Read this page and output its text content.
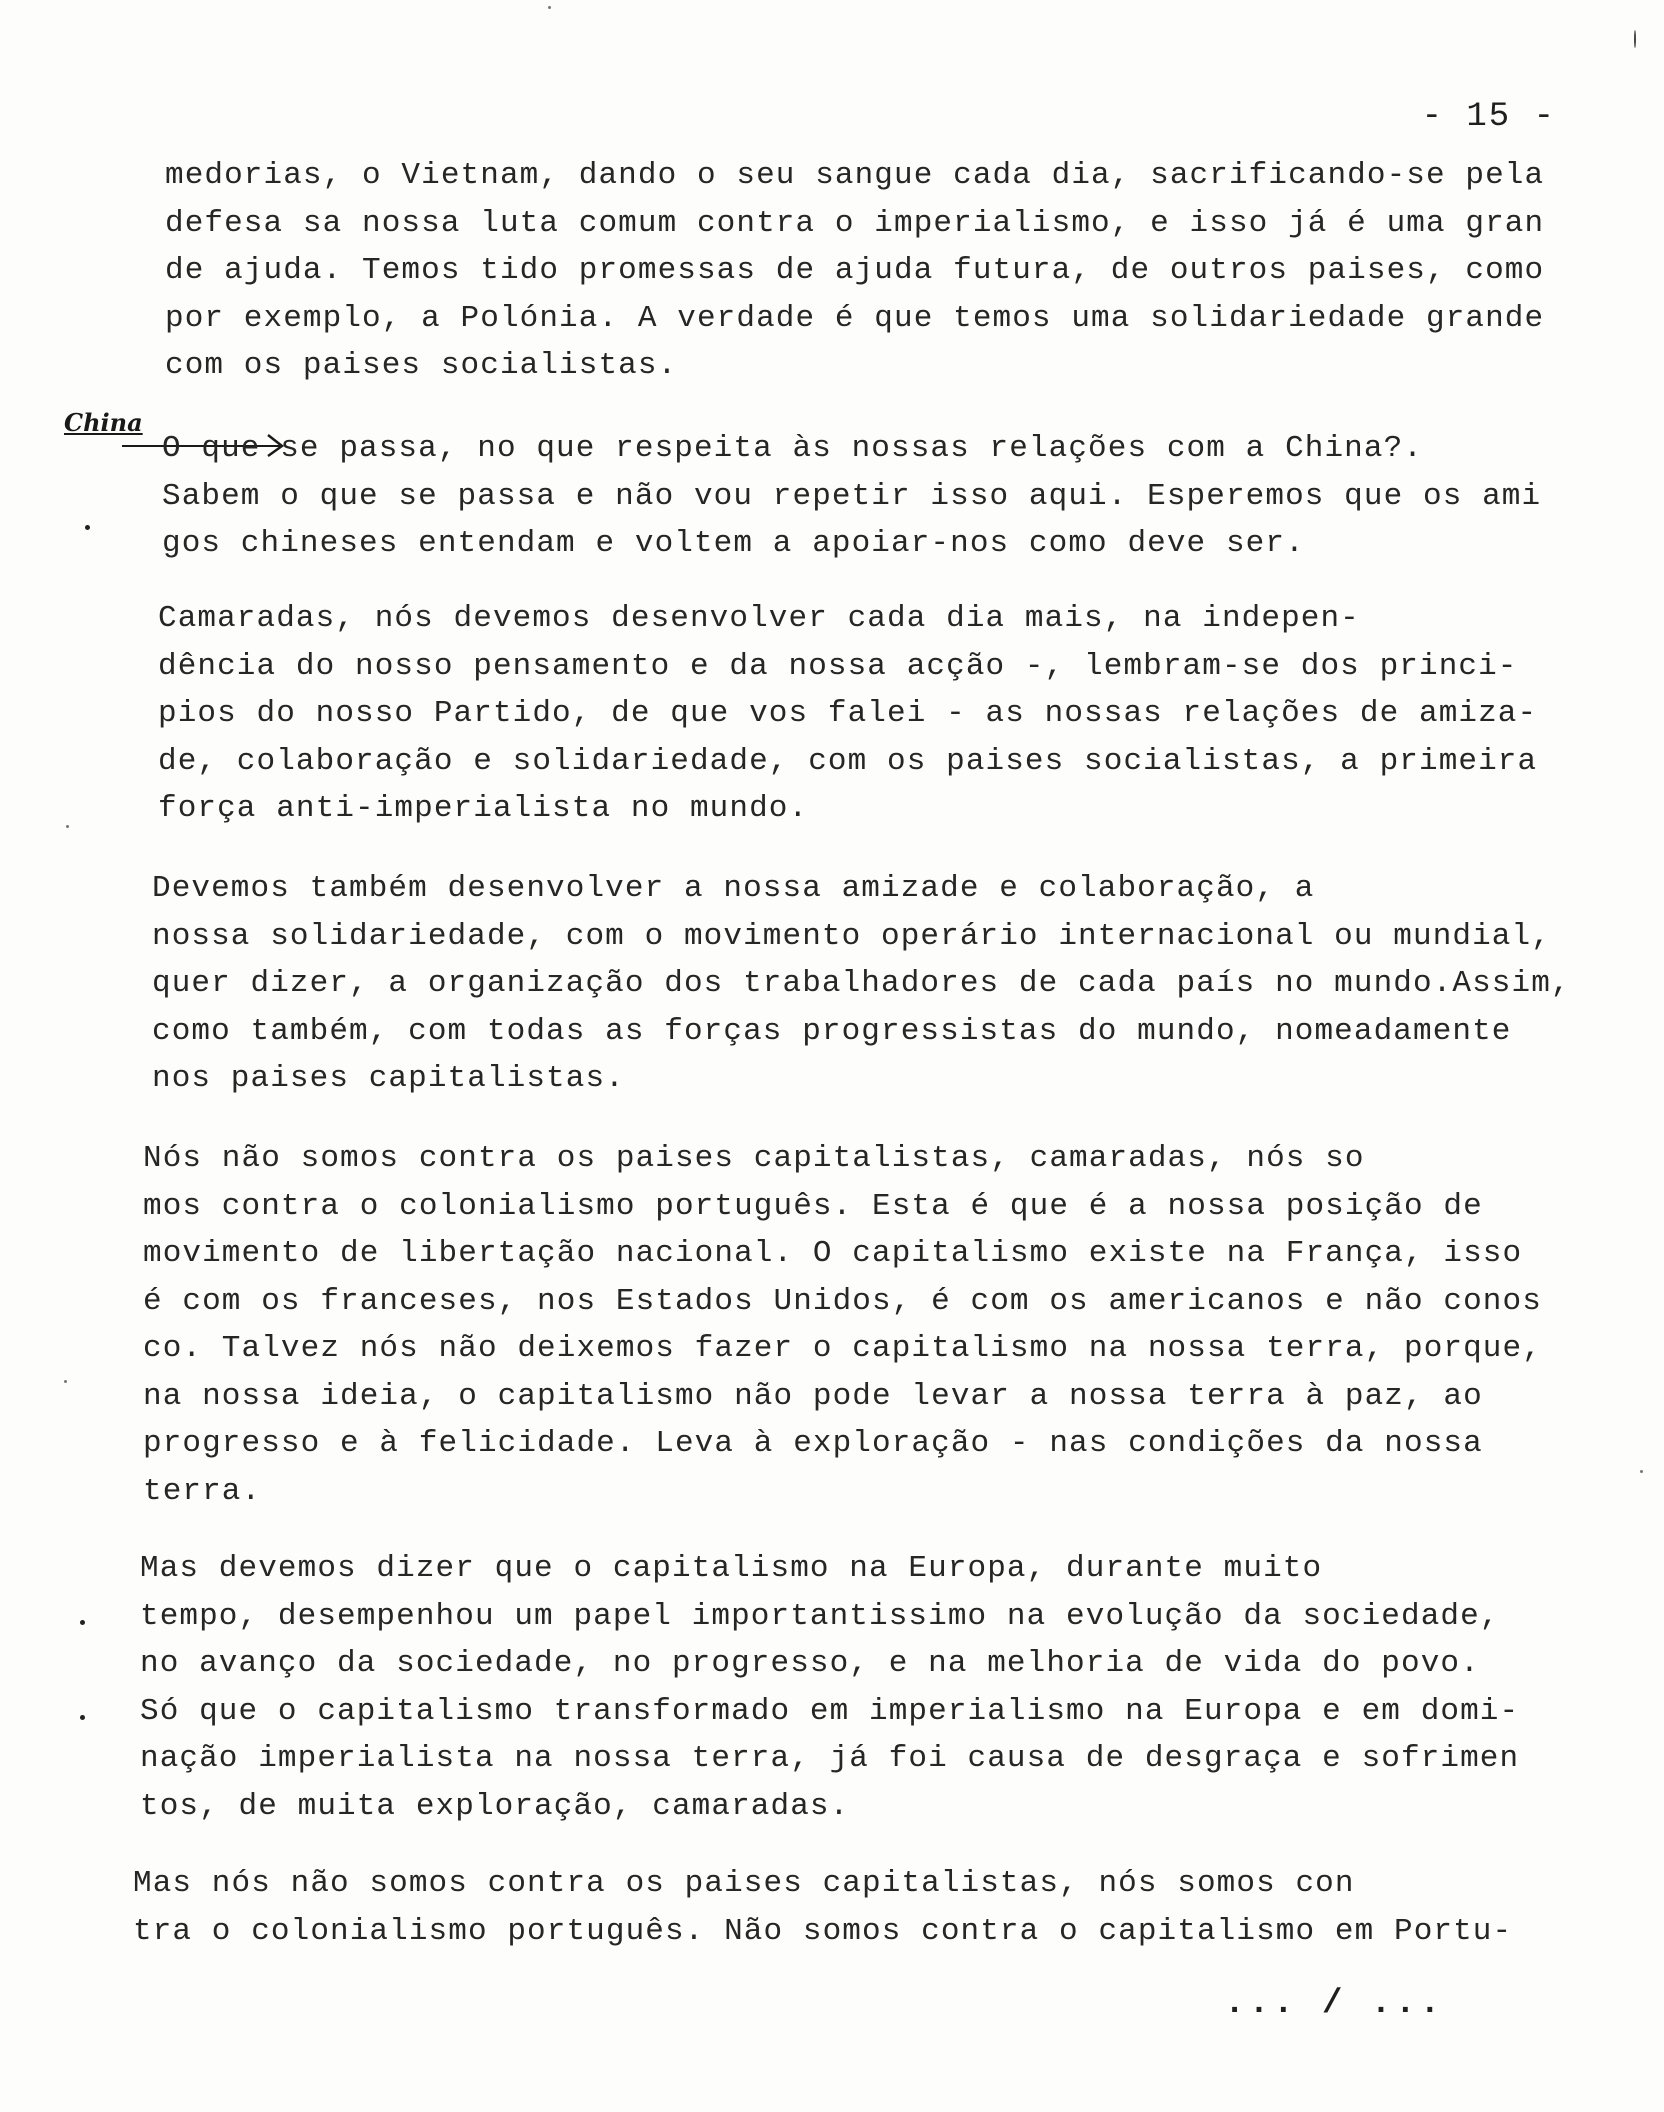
- 15 -
China
medorias, o Vietnam, dando o seu sangue cada dia, sacrificando-se pela
defesa sa nossa luta comum contra o imperialismo, e isso já é uma gran
de ajuda. Temos tido promessas de ajuda futura, de outros paises, como
por exemplo, a Polónia. A verdade é que temos uma solidariedade grande
com os paises socialistas.
O que se passa, no que respeita às nossas relações com a China?.
Sabem o que se passa e não vou repetir isso aqui. Esperemos que os ami
gos chineses entendam e voltem a apoiar-nos como deve ser.
Camaradas, nós devemos desenvolver cada dia mais, na indepen-
dência do nosso pensamento e da nossa acção -, lembram-se dos princi-
pios do nosso Partido, de que vos falei - as nossas relações de amiza-
de, colaboração e solidariedade, com os paises socialistas, a primeira
força anti-imperialista no mundo.
Devemos também desenvolver a nossa amizade e colaboração, a
nossa solidariedade, com o movimento operário internacional ou mundial,
quer dizer, a organização dos trabalhadores de cada país no mundo.Assim,
como também, com todas as forças progressistas do mundo, nomeadamente
nos paises capitalistas.
Nós não somos contra os paises capitalistas, camaradas, nós so
mos contra o colonialismo português. Esta é que é a nossa posição de
movimento de libertação nacional. O capitalismo existe na França, isso
é com os franceses, nos Estados Unidos, é com os americanos e não conos
co. Talvez nós não deixemos fazer o capitalismo na nossa terra, porque,
na nossa ideia, o capitalismo não pode levar a nossa terra à paz, ao
progresso e à felicidade. Leva à exploração - nas condições da nossa
terra.
Mas devemos dizer que o capitalismo na Europa, durante muito
tempo, desempenhou um papel importantissimo na evolução da sociedade,
no avanço da sociedade, no progresso, e na melhoria de vida do povo.
Só que o capitalismo transformado em imperialismo na Europa e em domi-
nação imperialista na nossa terra, já foi causa de desgraça e sofrimen
tos, de muita exploração, camaradas.
Mas nós não somos contra os paises capitalistas, nós somos con
tra o colonialismo português. Não somos contra o capitalismo em Portu-
... / ...
